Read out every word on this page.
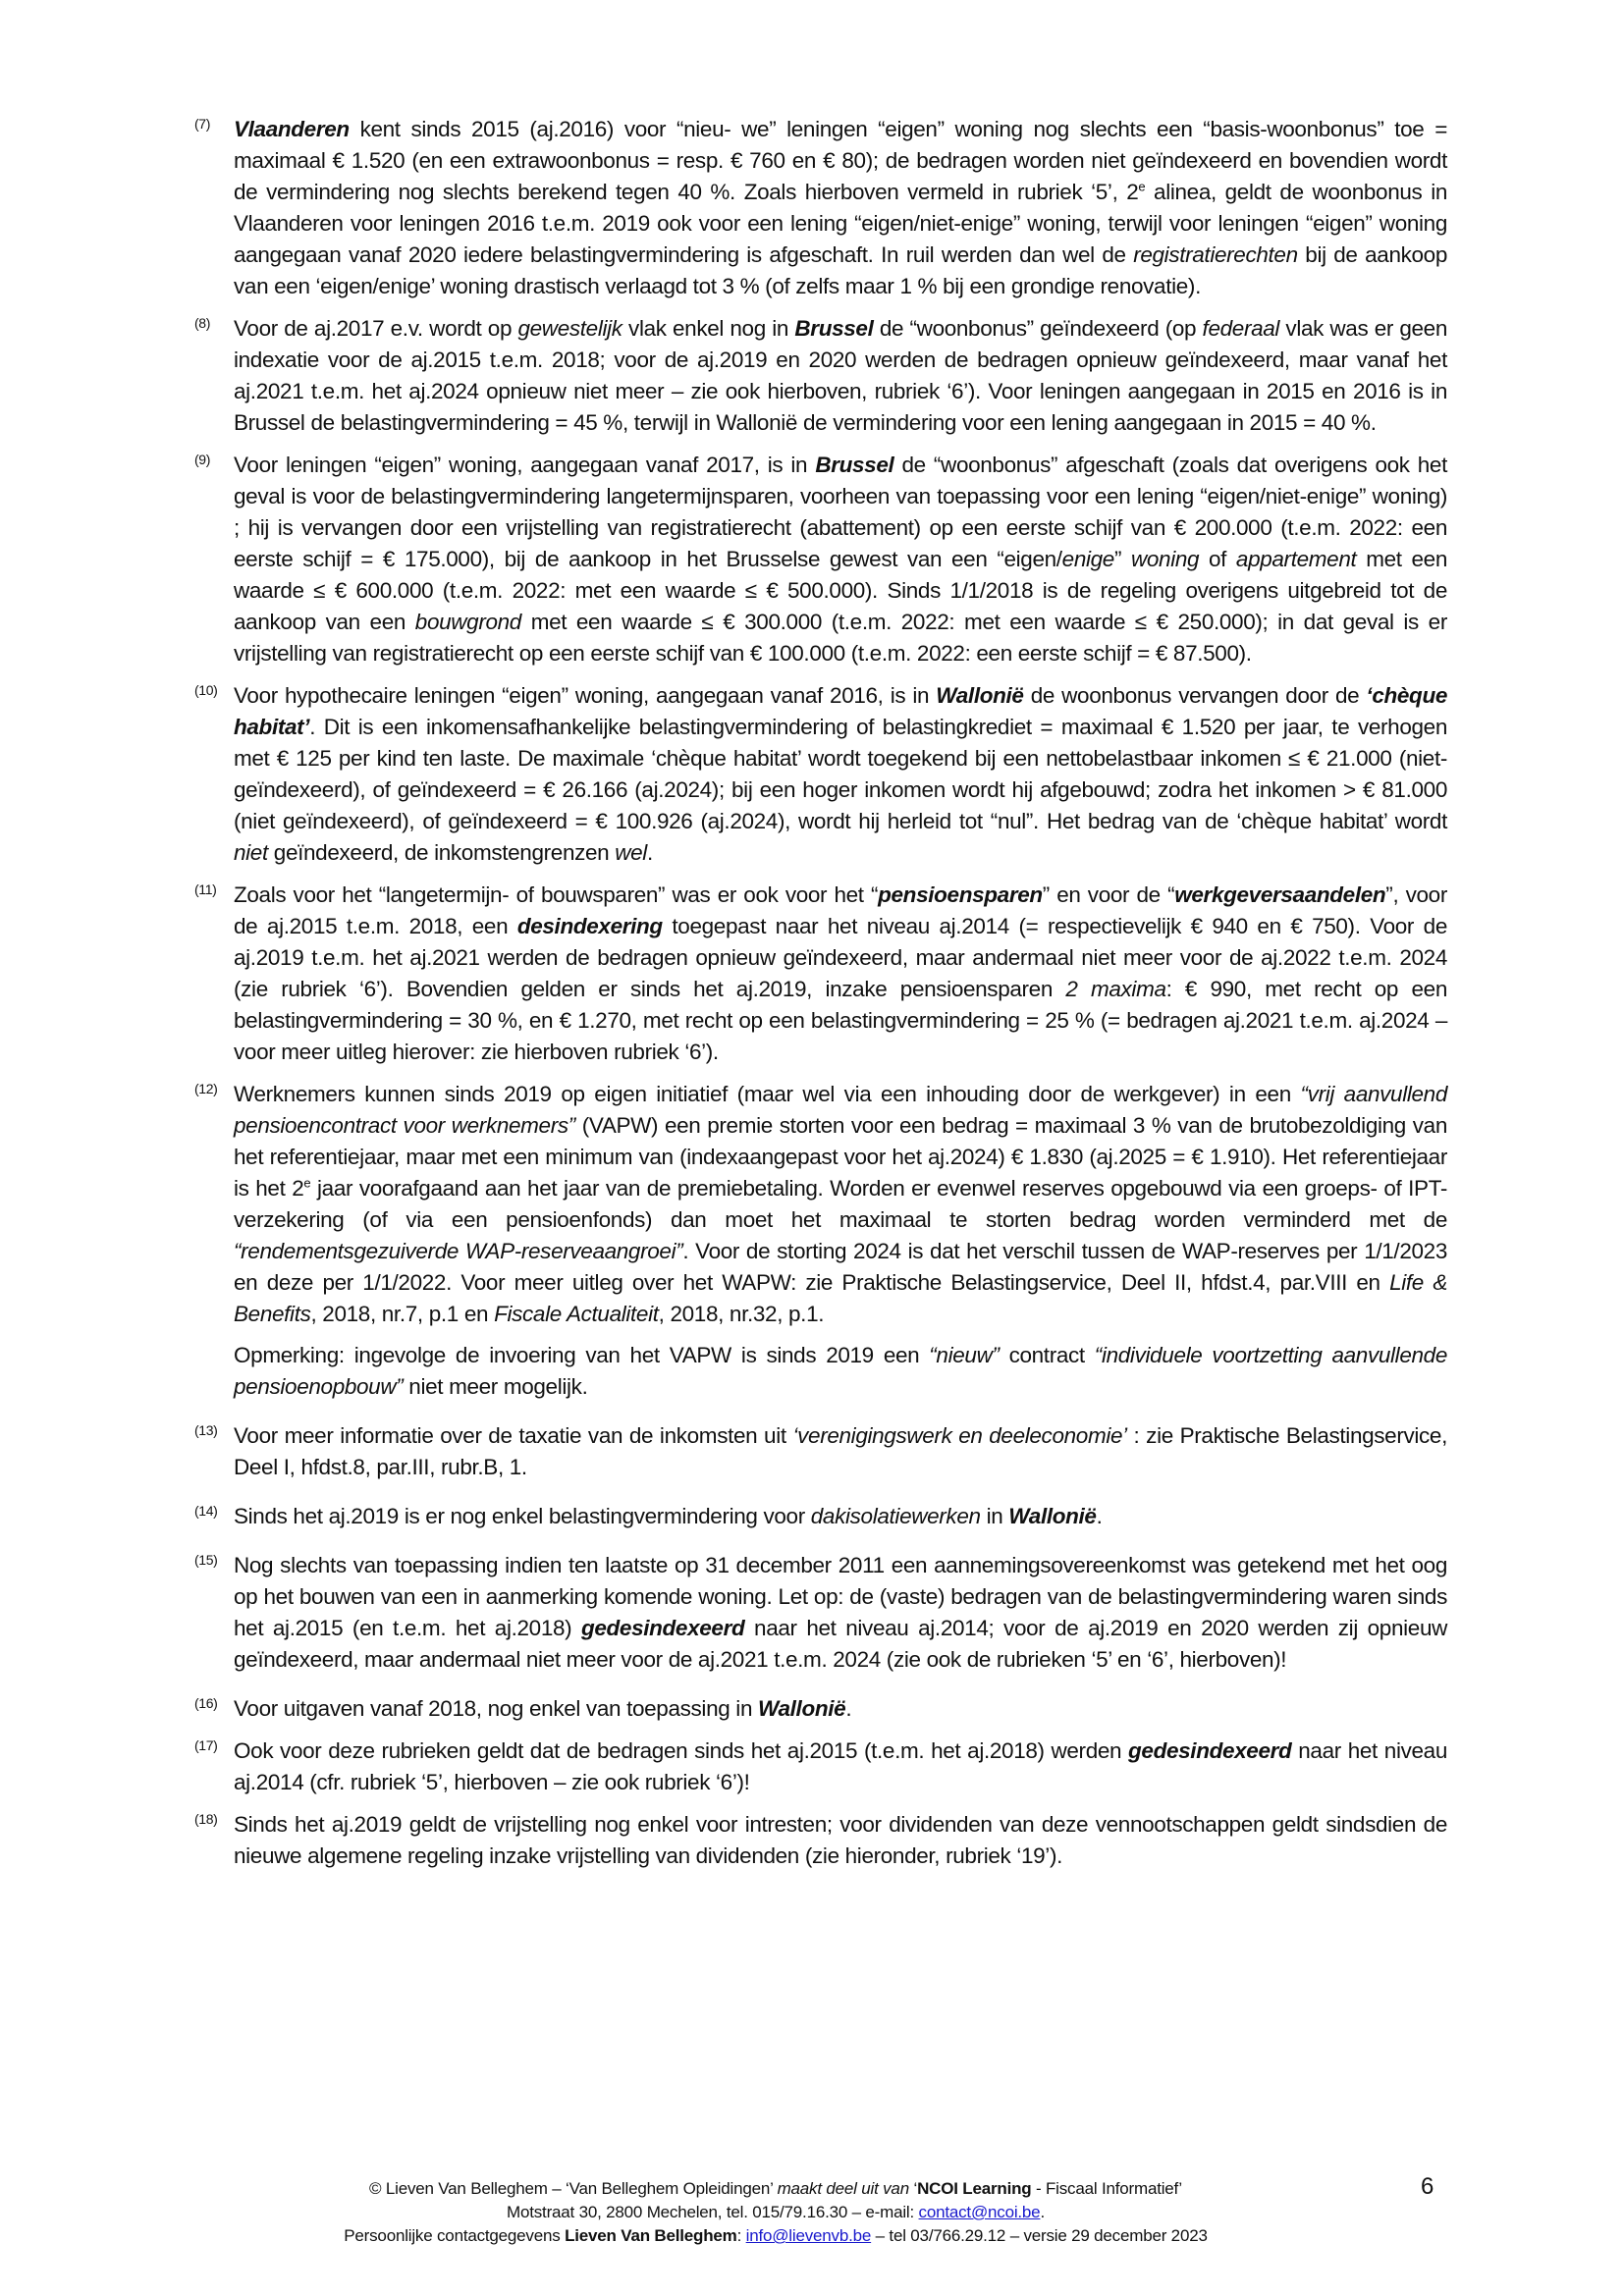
(7) Vlaanderen kent sinds 2015 (aj.2016) voor “nieu- we” leningen “eigen” woning nog slechts een “basis-woonbonus” toe = maximaal € 1.520 (en een extrawoonbonus = resp. € 760 en € 80); de bedragen worden niet geïndexeerd en bovendien wordt de vermindering nog slechts berekend tegen 40 %. Zoals hierboven vermeld in rubriek ‘5’, 2e alinea, geldt de woonbonus in Vlaanderen voor leningen 2016 t.e.m. 2019 ook voor een lening “eigen/niet-enige” woning, terwijl voor leningen “eigen” woning aangegaan vanaf 2020 iedere belastingvermindering is afgeschaft. In ruil werden dan wel de registratierechten bij de aankoop van een ‘eigen/enige’ woning drastisch verlaagd tot 3 % (of zelfs maar 1 % bij een grondige renovatie).

(8) Voor de aj.2017 e.v. wordt op gewestelijk vlak enkel nog in Brussel de “woonbonus” geïndexeerd (op federaal vlak was er geen indexatie voor de aj.2015 t.e.m. 2018; voor de aj.2019 en 2020 werden de bedragen opnieuw geïndexeerd, maar vanaf het aj.2021 t.e.m. het aj.2024 opnieuw niet meer – zie ook hierboven, rubriek ‘6’). Voor leningen aangegaan in 2015 en 2016 is in Brussel de belastingvermindering = 45 %, terwijl in Wallonië de vermindering voor een lening aangegaan in 2015 = 40 %.

(9) Voor leningen “eigen” woning, aangegaan vanaf 2017, is in Brussel de “woonbonus” afgeschaft (zoals dat overigens ook het geval is voor de belastingvermindering langetermijnsparen, voorheen van toepassing voor een lening “eigen/niet-enige” woning) ; hij is vervangen door een vrijstelling van registratierecht (abattement) op een eerste schijf van € 200.000 (t.e.m. 2022: een eerste schijf = € 175.000), bij de aankoop in het Brusselse gewest van een “eigen/enige” woning of appartement met een waarde ≤ € 600.000 (t.e.m. 2022: met een waarde ≤ € 500.000). Sinds 1/1/2018 is de regeling overigens uitgebreid tot de aankoop van een bouwgrond met een waarde ≤ € 300.000 (t.e.m. 2022: met een waarde ≤ € 250.000); in dat geval is er vrijstelling van registratierecht op een eerste schijf van € 100.000 (t.e.m. 2022: een eerste schijf = € 87.500).

(10) Voor hypothecaire leningen “eigen” woning, aangegaan vanaf 2016, is in Wallonië de woonbonus vervangen door de ‘chèque habitat’. Dit is een inkomensafhankelijke belastingvermindering of belastingkrediet = maximaal € 1.520 per jaar, te verhogen met € 125 per kind ten laste. De maximale ‘chèque habitat’ wordt toegekend bij een nettobelastbaar inkomen ≤ € 21.000 (niet-geïndexeerd), of geïndexeerd = € 26.166 (aj.2024); bij een hoger inkomen wordt hij afgebouwd; zodra het inkomen > € 81.000 (niet geïndexeerd), of geïndexeerd = € 100.926 (aj.2024), wordt hij herleid tot “nul”. Het bedrag van de ‘chèque habitat’ wordt niet geïndexeerd, de inkomstengrenzen wel.

(11) Zoals voor het “langetermijn- of bouwsparen” was er ook voor het “pensioensparen” en voor de “werkgeversaandelen”, voor de aj.2015 t.e.m. 2018, een desindexering toegepast naar het niveau aj.2014 (= respectievelijk € 940 en € 750). Voor de aj.2019 t.e.m. het aj.2021 werden de bedragen opnieuw geïndexeerd, maar andermaal niet meer voor de aj.2022 t.e.m. 2024 (zie rubriek ‘6’). Bovendien gelden er sinds het aj.2019, inzake pensioensparen 2 maxima: € 990, met recht op een belastingvermindering = 30 %, en € 1.270, met recht op een belastingvermindering = 25 % (= bedragen aj.2021 t.e.m. aj.2024 – voor meer uitleg hierover: zie hierboven rubriek ‘6’).

(12) Werknemers kunnen sinds 2019 op eigen initiatief (maar wel via een inhouding door de werkgever) in een “vrij aanvullend pensioencontract voor werknemers” (VAPW) een premie storten voor een bedrag = maximaal 3 % van de brutobezoldiging van het referentiejaar, maar met een minimum van (indexaangepast voor het aj.2024) € 1.830 (aj.2025 = € 1.910). Het referentiejaar is het 2e jaar voorafgaand aan het jaar van de premiebetaling. Worden er evenwel reserves opgebouwd via een groeps- of IPT-verzekering (of via een pensioenfonds) dan moet het maximaal te storten bedrag worden verminderd met de “rendementsgezuiverde WAP-reserveaangroei”. Voor de storting 2024 is dat het verschil tussen de WAP-reserves per 1/1/2023 en deze per 1/1/2022. Voor meer uitleg over het WAPW: zie Praktische Belastingservice, Deel II, hfdst.4, par.VIII en Life & Benefits, 2018, nr.7, p.1 en Fiscale Actualiteit, 2018, nr.32, p.1.

Opmerking: ingevolge de invoering van het VAPW is sinds 2019 een “nieuw” contract “individuele voortzetting aanvullende pensioenopbouw” niet meer mogelijk.

(13) Voor meer informatie over de taxatie van de inkomsten uit ‘verenigingswerk en deeleconomie’ : zie Praktische Belastingservice, Deel I, hfdst.8, par.III, rubr.B, 1.

(14) Sinds het aj.2019 is er nog enkel belastingvermindering voor dakisolatiewerken in Wallonië.

(15) Nog slechts van toepassing indien ten laatste op 31 december 2011 een aannemingsovereenkomst was getekend met het oog op het bouwen van een in aanmerking komende woning. Let op: de (vaste) bedragen van de belastingvermindering waren sinds het aj.2015 (en t.e.m. het aj.2018) gedesindexeerd naar het niveau aj.2014; voor de aj.2019 en 2020 werden zij opnieuw geïndexeerd, maar andermaal niet meer voor de aj.2021 t.e.m. 2024 (zie ook de rubrieken ‘5’ en ‘6’, hierboven)!

(16) Voor uitgaven vanaf 2018, nog enkel van toepassing in Wallonië.

(17) Ook voor deze rubrieken geldt dat de bedragen sinds het aj.2015 (t.e.m. het aj.2018) werden gedesindexeerd naar het niveau aj.2014 (cfr. rubriek ‘5’, hierboven – zie ook rubriek ‘6’)!

(18) Sinds het aj.2019 geldt de vrijstelling nog enkel voor intresten; voor dividenden van deze vennootschappen geldt sindsdien de nieuwe algemene regeling inzake vrijstelling van dividenden (zie hieronder, rubriek ‘19’).

© Lieven Van Belleghem – ‘Van Belleghem Opleidingen’ maakt deel uit van ‘NCOI Learning - Fiscaal Informatief’
Motstraat 30, 2800 Mechelen, tel. 015/79.16.30 – e-mail: contact@ncoi.be.
Persoonlijke contactgegevens Lieven Van Belleghem: info@lievenvb.be – tel 03/766.29.12 – versie 29 december 2023
6
